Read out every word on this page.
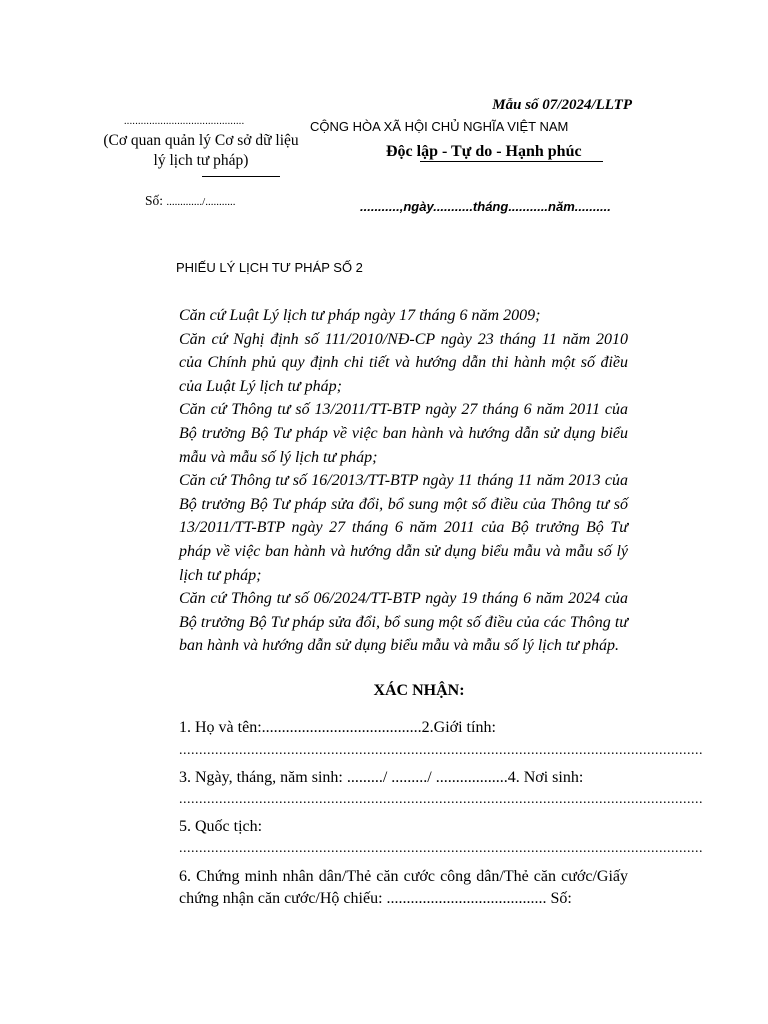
...........................................
(Cơ quan quản lý Cơ sở dữ liệu lý lịch tư pháp)
Số: ............./...........
Mẫu số 07/2024/LLTP
CỘNG HÒA XÃ HỘI CHỦ NGHĨA VIỆT NAM
Độc lập - Tự do - Hạnh phúc
...........,ngày...........tháng...........năm..........
PHIẾU LÝ LỊCH TƯ PHÁP SỐ 2

Căn cứ Luật Lý lịch tư pháp ngày 17 tháng 6 năm 2009;

Căn cứ Nghị định số 111/2010/NĐ-CP ngày 23 tháng 11 năm 2010 của Chính phủ quy định chi tiết và hướng dẫn thi hành một số điều của Luật Lý lịch tư pháp;

Căn cứ Thông tư số 13/2011/TT-BTP ngày 27 tháng 6 năm 2011 của Bộ trưởng Bộ Tư pháp về việc ban hành và hướng dẫn sử dụng biểu mẫu và mẫu số lý lịch tư pháp;

Căn cứ Thông tư số 16/2013/TT-BTP ngày 11 tháng 11 năm 2013 của Bộ trưởng Bộ Tư pháp sửa đổi, bổ sung một số điều của Thông tư số 13/2011/TT-BTP ngày 27 tháng 6 năm 2011 của Bộ trưởng Bộ Tư pháp về việc ban hành và hướng dẫn sử dụng biểu mẫu và mẫu số lý lịch tư pháp;

Căn cứ Thông tư số 06/2024/TT-BTP ngày 19 tháng 6 năm 2024 của Bộ trưởng Bộ Tư pháp sửa đổi, bổ sung một số điều của các Thông tư ban hành và hướng dẫn sử dụng biểu mẫu và mẫu số lý lịch tư pháp.

XÁC NHẬN:
1. Họ và tên:........................................2.Giới tính:
...................................................................................................................................
3. Ngày, tháng, năm sinh: ........./ ........./ ..................4. Nơi sinh:
...................................................................................................................................
5. Quốc tịch:
...................................................................................................................................
6. Chứng minh nhân dân/Thẻ căn cước công dân/Thẻ căn cước/Giấy chứng nhận căn cước/Hộ chiếu: ........................................ Số:
